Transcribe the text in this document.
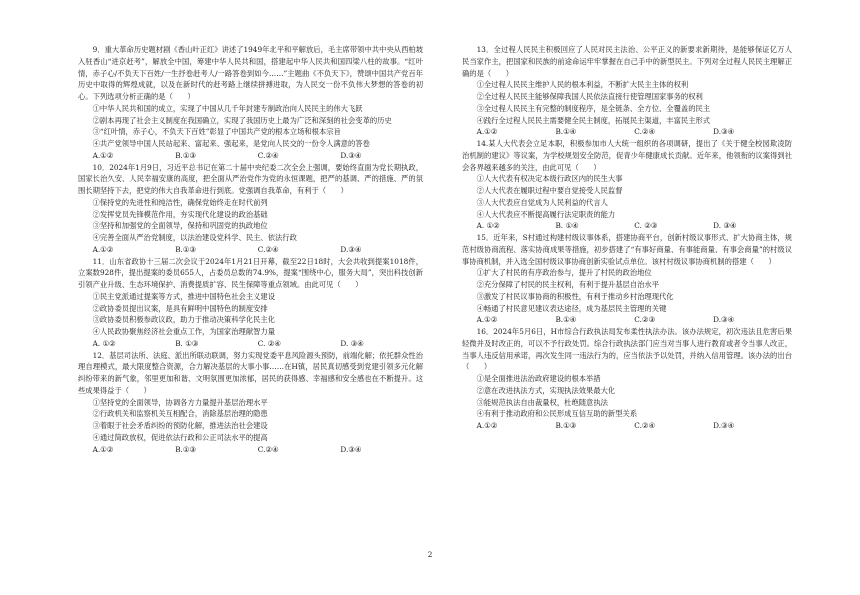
9．重大革命历史题材剧《香山叶正红》讲述了1949年北平和平解放后，毛主席带领中共中央从西柏坡入驻香山“进京赶考”，解放全中国，筹建中华人民共和国，搭建起中华人民共和国四梁八柱的故事。“红叶情，赤子心/不负天下百姓/一生抒卷赶考人/一路答卷到如今……”主题曲《不负天下》，赞颂中国共产党百年历史中取得的辉煌成就，以及在新时代的赶考路上继续拼搏进取，为人民交一份不负伟大梦想的答卷的初心。下列选项分析正确的是（　　）

①中华人民共和国的成立，实现了中国从几千年封建专制政治向人民民主的伟大飞跃

②剧本再现了社会主义制度在我国确立，实现了我国历史上最为广泛和深刻的社会变革的历史

③“红叶情，赤子心，不负天下百姓”彰显了中国共产党的根本立场和根本宗旨

④共产党领导中国人民站起来、富起来、强起来，是党向人民交的一份令人满意的答卷

A.①②	B.①③	C.②④	D.③④

10．2024年1月9日，习近平总书记在第二十届中央纪委二次全会上强调，要始终直面为党长期执政，国家长治久安、人民幸福安康的高度，把全面从严治党作为党的永恒课题，把严的基调、严的措施、严的氛围长期坚持下去，把党的伟大自我革命进行到底。党强调自我革命，有利于（　　）

①保持党的先进性和纯洁性，确保党始终走在时代前列

②发挥党员先锋模范作用，夯实现代化建设的政治基础

③坚持和加强党的全面领导，保持和巩固党的执政地位

④完善全面从严治党制度，以法治建设党科学、民主、依法行政

A.①②	B.①③	C.②④	D.③④

11．山东省政协十三届二次会议于2024年1月21日开幕，截至22日18时，大会共收到提案1018件，立案数928件，提出提案的委员655人，占委员总数的74.9%，提案“围绕中心，服务大局”，突出科技创新引领产业升级、生态环境保护、消费提质扩容、民生保障等重点领域。由此可见（　　）

①民主党派通过提案等方式，推进中国特色社会主义建设

②政协委员提出议案，是具有鲜明中国特色的制度安排

③政协委员积极参政议政，助力于推动决策科学化民主化

④人民政协聚焦经济社会重点工作，为国家治理献智力量

A. ①②	B. ①③	C. ②④	D. ③④

12．基层司法所、法庭、派出所联动联调，努力实现党委平息风险源头预防，前端化解；依托群众性治理自理模式，最大限度整合资源，合力解决基层的大事小事……在H镇，居民真切感受到党建引领多元化解纠纷带来的新气象，邻里更加和谐、文明氛围更加浓郁，居民的获得感、幸福感和安全感也在不断提升。这些成果得益于（　　）

①坚持党的全面领导，协调各方力量提升基层治理水平

②行政机关和监察机关互相配合，消除基层治理的隐患

③着眼于社会矛盾纠纷的预防化解，推进法治社会建设

④通过简政放权，促进依法行政和公正司法水平的提高

A.①②	B.①③	C.②④	D.③④

13．全过程人民民主积极回应了人民对民主法治、公平正义的新要求新期待，是能够保证亿万人民当家作主，把国家和民族的前途命运牢牢掌握在自己手中的新型民主。下列对全过程人民民主理解正确的是（　　）

①全过程人民民主维护人民的根本利益，不断扩大民主主体的权利

②全过程人民民主能够保障我国人民依法直接行使管理国家事务的权利

③全过程人民民主有完整的制度程序，是全链条、全方位、全覆盖的民主

④践行全过程人民民主需要健全民主制度，拓展民主渠道，丰富民主形式

A.①②	B.①④	C.②④	D.③④

14.某人大代表会立足本职，积极参加市人大统一组织的各项调研，提出了《关于健全校园欺凌防治机制的建议》等议案，为学校规划安全防范，促青少年健康成长贡献。近年来，他领衔的议案得到社会各界越来越多的关注，由此可见（　　）

①人大代表有权决定本级行政区内的民生大事

②人大代表在履职过程中要自觉接受人民监督

③人大代表应自觉成为人民利益的代言人

④人大代表应不断提高履行法定职责的能力

A. ①②	B. ①④	C. ②③	D. ③④

15．近年来，S村通过构建村级议事体系，搭建协商平台，创新村级议事形式、扩大协商主体，规范村级协商流程、落实协商成果等措施，初步搭建了“有事好商量、有事能商量、有事会商量”的村级议事协商机制，并入选全国村级议事协商创新实验试点单位。该村村级议事协商机制的搭建（　　）

①扩大了村民的有序政治参与，提升了村民的政治地位

②充分保障了村民的民主权利，有利于提升基层自治水平

③激发了村民议事协商的积极性，有利于推动乡村治理现代化

④畅通了村民意见建议表达途径，成为基层民主管理的关键

A.①②	B.①④	C.②③	D.③④

16．2024年5月6日，H市综合行政执法局发布柔性执法办法。该办法规定，初次违法且危害后果轻微并及时改正的，可以不予行政处罚。综合行政执法部门应当对当事人进行教育或者令当事人改正，当事人违反信用承诺，再次发生同一违法行为的，应当依法予以处罚，并纳入信用管理。该办法的出台（　　）

①是全面推进法治政府建设的根本举措

②意在改进执法方式，实现执法效果最大化

③能规范执法自由裁量权，杜绝随意执法

④有利于推动政府和公民形成互信互助的新型关系

A.①②	B.①③	C.②④	D.③④

2
